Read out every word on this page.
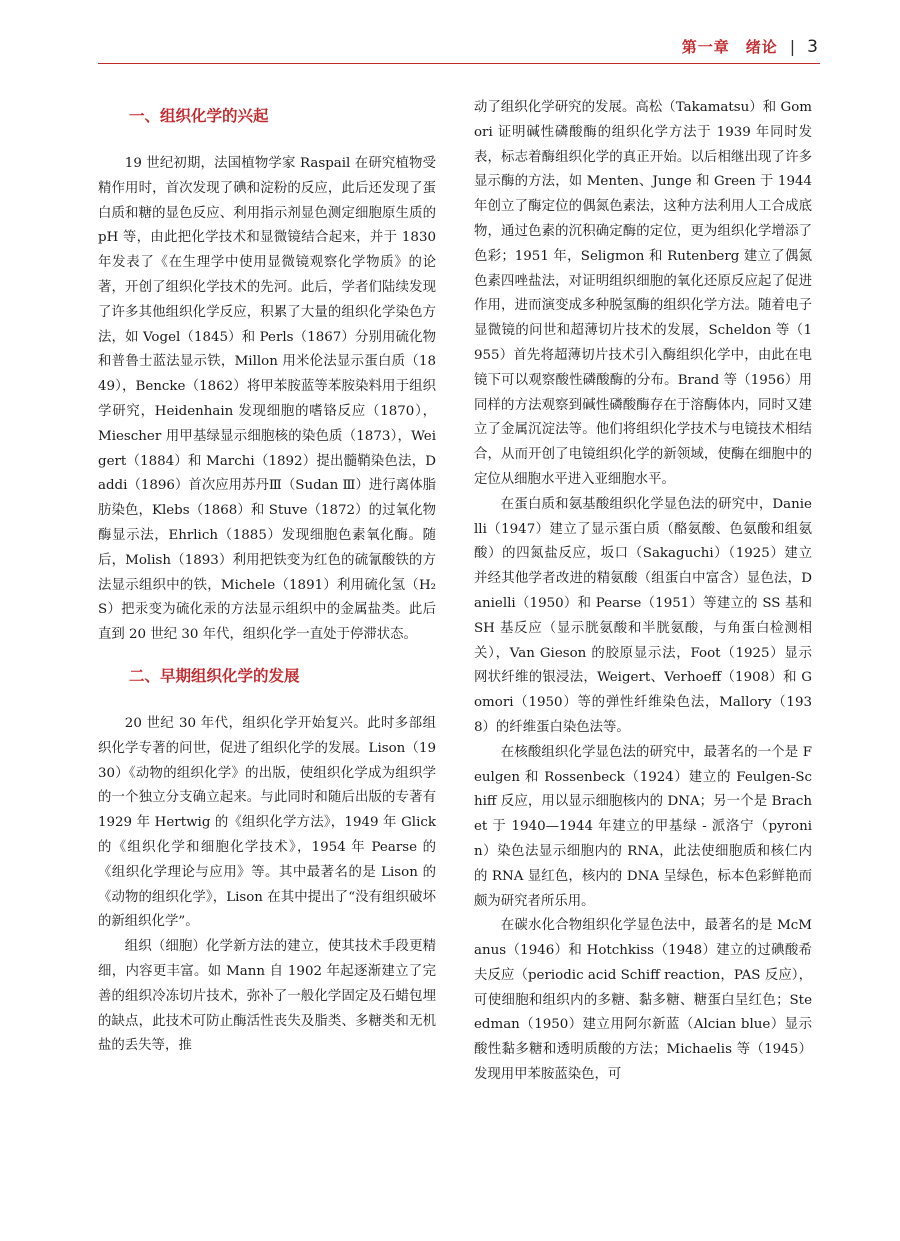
第一章　绪论 | 3
一、组织化学的兴起

19 世纪初期，法国植物学家 Raspail 在研究植物受精作用时，首次发现了碘和淀粉的反应，此后还发现了蛋白质和糖的显色反应、利用指示剂显色测定细胞原生质的 pH 等，由此把化学技术和显微镜结合起来，并于 1830 年发表了《在生理学中使用显微镜观察化学物质》的论著，开创了组织化学技术的先河。此后，学者们陆续发现了许多其他组织化学反应，积累了大量的组织化学染色方法，如 Vogel（1845）和 Perls（1867）分别用硫化物和普鲁士蓝法显示铁，Millon 用米伦法显示蛋白质（1849），Bencke（1862）将甲苯胺蓝等苯胺染料用于组织学研究，Heidenhain 发现细胞的嗜铬反应（1870），Miescher 用甲基绿显示细胞核的染色质（1873），Weigert（1884）和 Marchi（1892）提出髓鞘染色法，Daddi（1896）首次应用苏丹Ⅲ（Sudan Ⅲ）进行离体脂肪染色，Klebs（1868）和 Stuve（1872）的过氧化物酶显示法，Ehrlich（1885）发现细胞色素氧化酶。随后，Molish（1893）利用把铁变为红色的硫氰酸铁的方法显示组织中的铁，Michele（1891）利用硫化氢（H₂S）把汞变为硫化汞的方法显示组织中的金属盐类。此后直到 20 世纪 30 年代，组织化学一直处于停滞状态。

二、早期组织化学的发展

20 世纪 30 年代，组织化学开始复兴。此时多部组织化学专著的问世，促进了组织化学的发展。Lison（1930）《动物的组织化学》的出版，使组织化学成为组织学的一个独立分支确立起来。与此同时和随后出版的专著有 1929 年 Hertwig 的《组织化学方法》，1949 年 Glick 的《组织化学和细胞化学技术》，1954 年 Pearse 的《组织化学理论与应用》等。其中最著名的是 Lison 的《动物的组织化学》，Lison 在其中提出了“没有组织破坏的新组织化学”。

组织（细胞）化学新方法的建立，使其技术手段更精细，内容更丰富。如 Mann 自 1902 年起逐渐建立了完善的组织冷冻切片技术，弥补了一般化学固定及石蜡包埋的缺点，此技术可防止酶活性丧失及脂类、多糖类和无机盐的丢失等，推

动了组织化学研究的发展。高松（Takamatsu）和 Gomori 证明碱性磷酸酶的组织化学方法于 1939 年同时发表，标志着酶组织化学的真正开始。以后相继出现了许多显示酶的方法，如 Menten、Junge 和 Green 于 1944 年创立了酶定位的偶氮色素法，这种方法利用人工合成底物，通过色素的沉积确定酶的定位，更为组织化学增添了色彩；1951 年，Seligmon 和 Rutenberg 建立了偶氮色素四唑盐法，对证明组织细胞的氧化还原反应起了促进作用，进而演变成多种脱氢酶的组织化学方法。随着电子显微镜的问世和超薄切片技术的发展，Scheldon 等（1955）首先将超薄切片技术引入酶组织化学中，由此在电镜下可以观察酸性磷酸酶的分布。Brand 等（1956）用同样的方法观察到碱性磷酸酶存在于溶酶体内，同时又建立了金属沉淀法等。他们将组织化学技术与电镜技术相结合，从而开创了电镜组织化学的新领域，使酶在细胞中的定位从细胞水平进入亚细胞水平。

在蛋白质和氨基酸组织化学显色法的研究中，Danielli（1947）建立了显示蛋白质（酪氨酸、色氨酸和组氨酸）的四氮盐反应，坂口（Sakaguchi）（1925）建立并经其他学者改进的精氨酸（组蛋白中富含）显色法，Danielli（1950）和 Pearse（1951）等建立的 SS 基和 SH 基反应（显示胱氨酸和半胱氨酸，与角蛋白检测相关），Van Gieson 的胶原显示法，Foot（1925）显示网状纤维的银浸法，Weigert、Verhoeff（1908）和 Gomori（1950）等的弹性纤维染色法，Mallory（1938）的纤维蛋白染色法等。

在核酸组织化学显色法的研究中，最著名的一个是 Feulgen 和 Rossenbeck（1924）建立的 Feulgen-Schiff 反应，用以显示细胞核内的 DNA；另一个是 Brachet 于 1940—1944 年建立的甲基绿 - 派洛宁（pyronin）染色法显示细胞内的 RNA，此法使细胞质和核仁内的 RNA 显红色，核内的 DNA 呈绿色，标本色彩鲜艳而颇为研究者所乐用。

在碳水化合物组织化学显色法中，最著名的是 McManus（1946）和 Hotchkiss（1948）建立的过碘酸希夫反应（periodic acid Schiff reaction，PAS 反应），可使细胞和组织内的多糖、黏多糖、糖蛋白呈红色；Steedman（1950）建立用阿尔新蓝（Alcian blue）显示酸性黏多糖和透明质酸的方法；Michaelis 等（1945）发现用甲苯胺蓝染色，可
